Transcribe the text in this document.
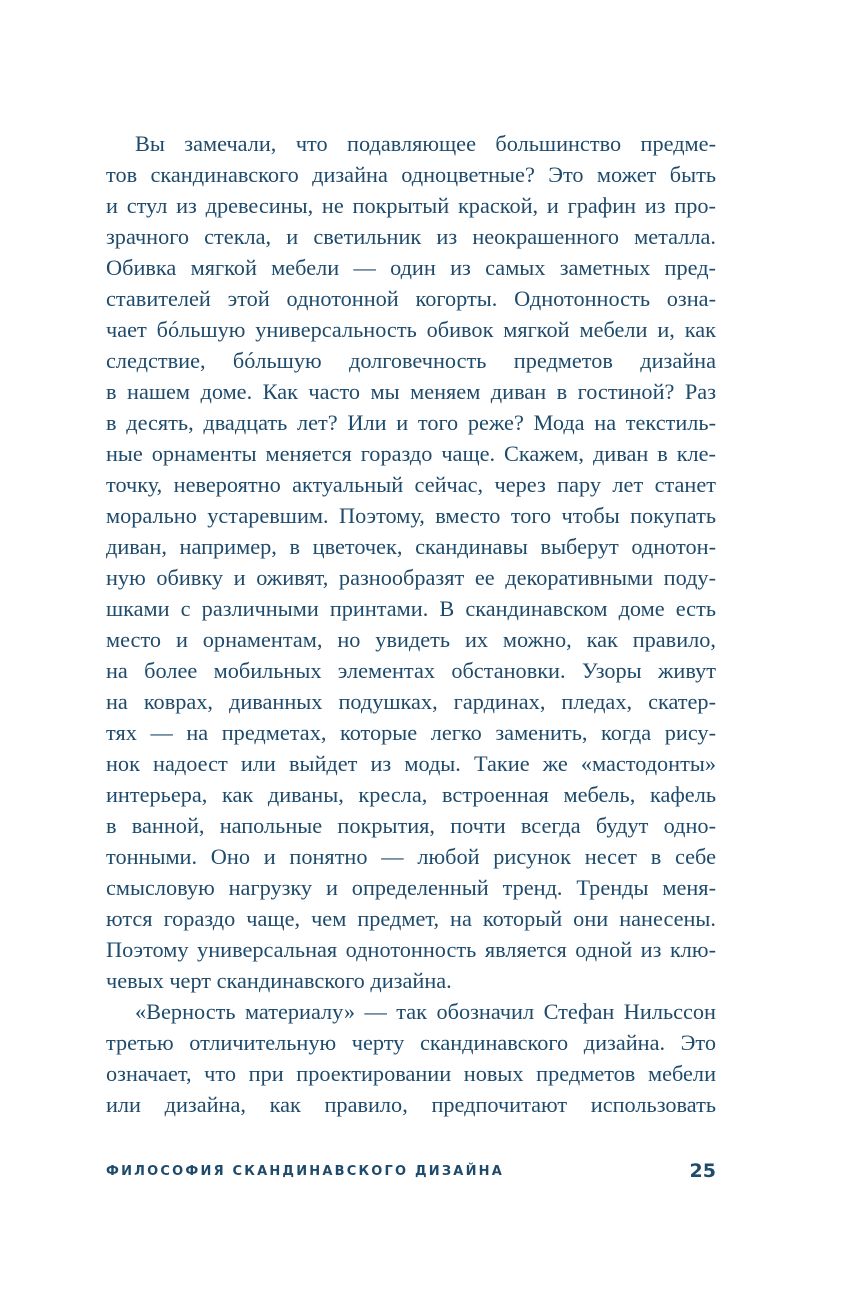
Вы замечали, что подавляющее большинство предме-
тов скандинавского дизайна одноцветные? Это может быть
и стул из древесины, не покрытый краской, и графин из про-
зрачного стекла, и светильник из неокрашенного металла.
Обивка мягкой мебели — один из самых заметных пред-
ставителей этой однотонной когорты. Однотонность озна-
чает бóльшую универсальность обивок мягкой мебели и, как
следствие, бóльшую долговечность предметов дизайна
в нашем доме. Как часто мы меняем диван в гостиной? Раз
в десять, двадцать лет? Или и того реже? Мода на текстиль-
ные орнаменты меняется гораздо чаще. Скажем, диван в кле-
точку, невероятно актуальный сейчас, через пару лет станет
морально устаревшим. Поэтому, вместо того чтобы покупать
диван, например, в цветочек, скандинавы выберут однотон-
ную обивку и оживят, разнообразят ее декоративными поду-
шками с различными принтами. В скандинавском доме есть
место и орнаментам, но увидеть их можно, как правило,
на более мобильных элементах обстановки. Узоры живут
на коврах, диванных подушках, гардинах, пледах, скатер-
тях — на предметах, которые легко заменить, когда рису-
нок надоест или выйдет из моды. Такие же «мастодонты»
интерьера, как диваны, кресла, встроенная мебель, кафель
в ванной, напольные покрытия, почти всегда будут одно-
тонными. Оно и понятно — любой рисунок несет в себе
смысловую нагрузку и определенный тренд. Тренды меня-
ются гораздо чаще, чем предмет, на который они нанесены.
Поэтому универсальная однотонность является одной из клю-
чевых черт скандинавского дизайна.
«Верность материалу» — так обозначил Стефан Нильссон
третью отличительную черту скандинавского дизайна. Это
означает, что при проектировании новых предметов мебели
или дизайна, как правило, предпочитают использовать
ФИЛОСОФИЯ СКАНДИНАВСКОГО ДИЗАЙНА	25
